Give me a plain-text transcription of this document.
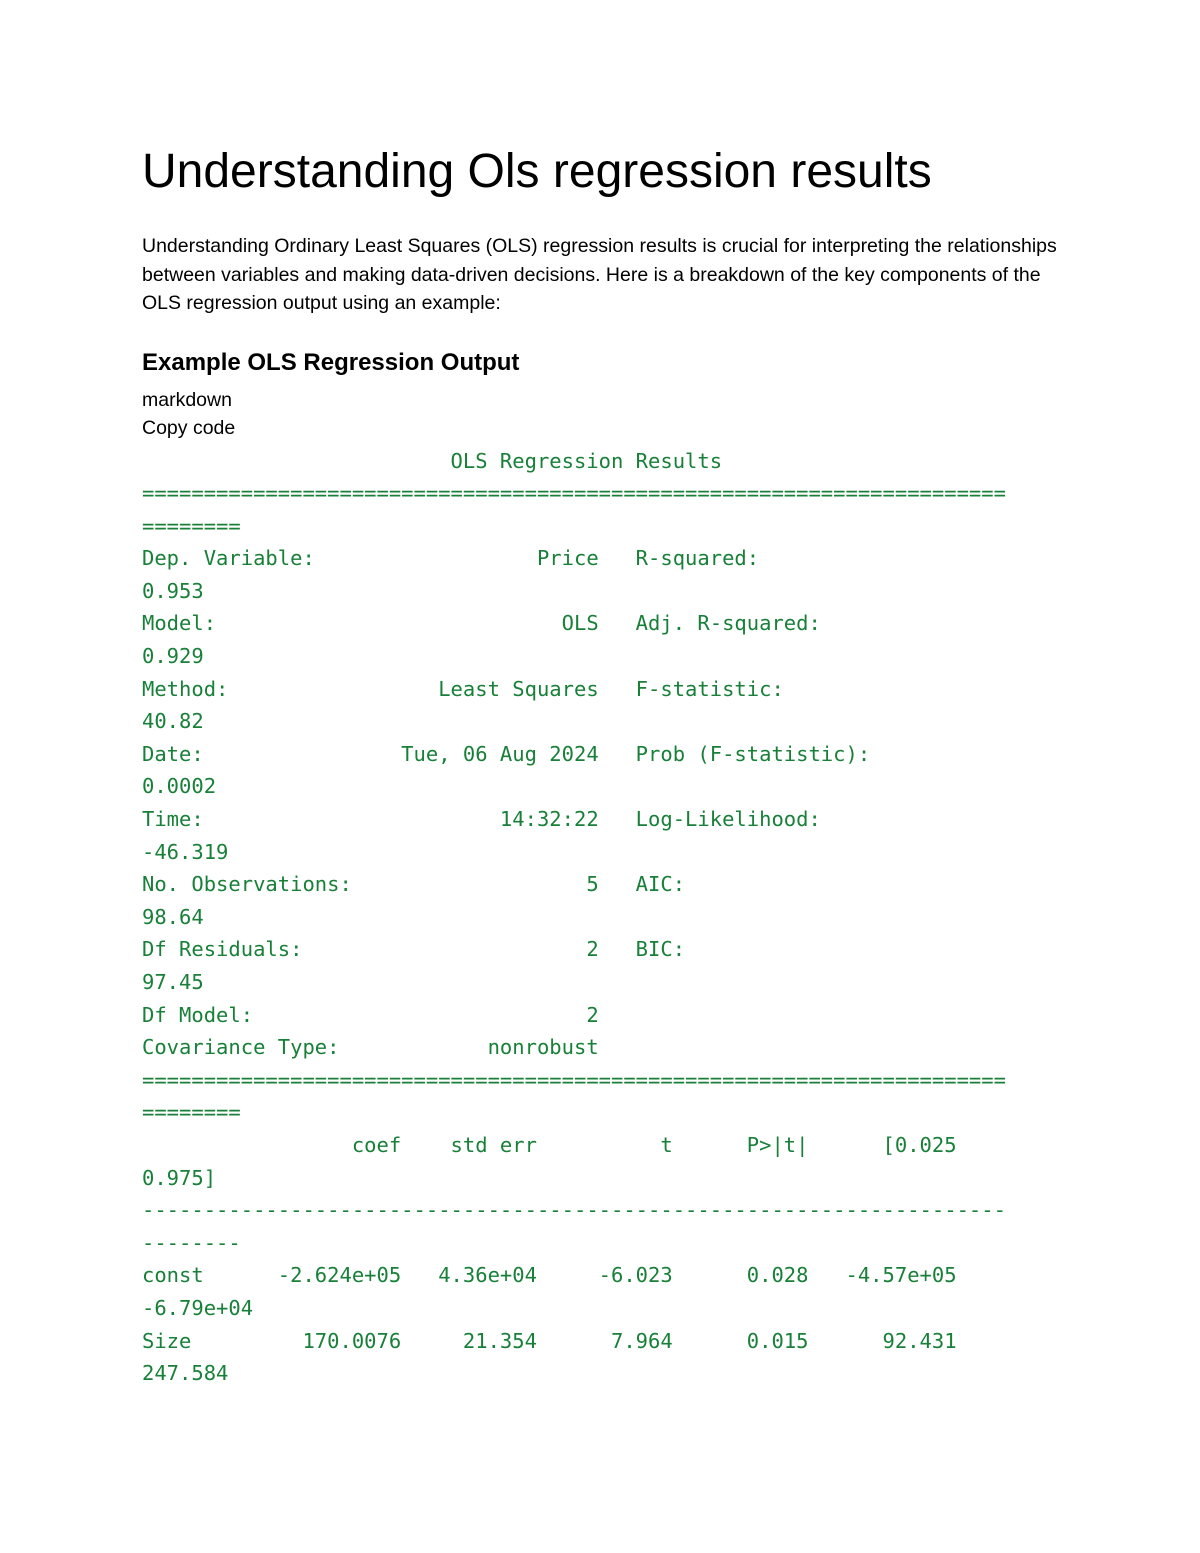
Understanding Ols regression results

Understanding Ordinary Least Squares (OLS) regression results is crucial for interpreting the relationships between variables and making data-driven decisions. Here is a breakdown of the key components of the OLS regression output using an example:

Example OLS Regression Output

markdown

Copy code

OLS Regression Results
======================================================================
========
Dep. Variable:                  Price   R-squared:
0.953
Model:                            OLS   Adj. R-squared:
0.929
Method:                 Least Squares   F-statistic:
40.82
Date:                Tue, 06 Aug 2024   Prob (F-statistic):
0.0002
Time:                        14:32:22   Log-Likelihood:
-46.319
No. Observations:                   5   AIC:
98.64
Df Residuals:                       2   BIC:
97.45
Df Model:                           2
Covariance Type:            nonrobust
======================================================================
========
coef    std err          t      P>|t|      [0.025
0.975]
----------------------------------------------------------------------
--------
const      -2.624e+05   4.36e+04     -6.023      0.028   -4.57e+05
-6.79e+04
Size         170.0076     21.354      7.964      0.015      92.431
247.584
